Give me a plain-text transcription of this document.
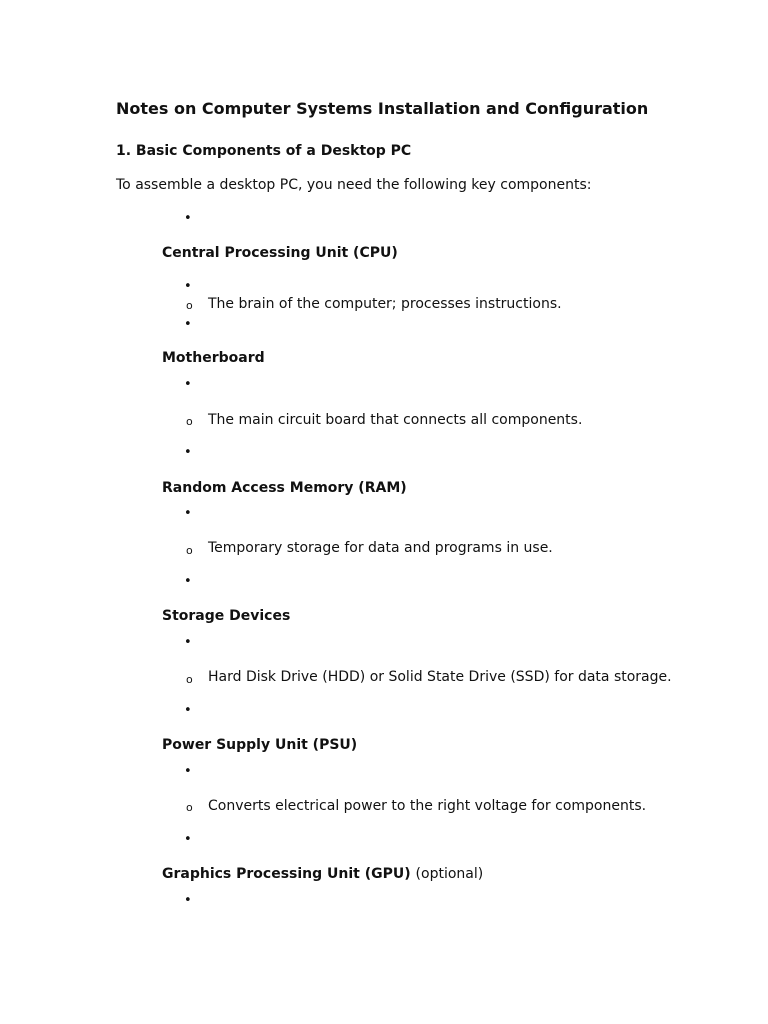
Notes on Computer Systems Installation and Configuration
1. Basic Components of a Desktop PC
To assemble a desktop PC, you need the following key components:
•
Central Processing Unit (CPU)
•
o The brain of the computer; processes instructions.
•
Motherboard
•
o The main circuit board that connects all components.
•
Random Access Memory (RAM)
•
o Temporary storage for data and programs in use.
•
Storage Devices
•
o Hard Disk Drive (HDD) or Solid State Drive (SSD) for data storage.
•
Power Supply Unit (PSU)
•
o Converts electrical power to the right voltage for components.
•
Graphics Processing Unit (GPU) (optional)
•
